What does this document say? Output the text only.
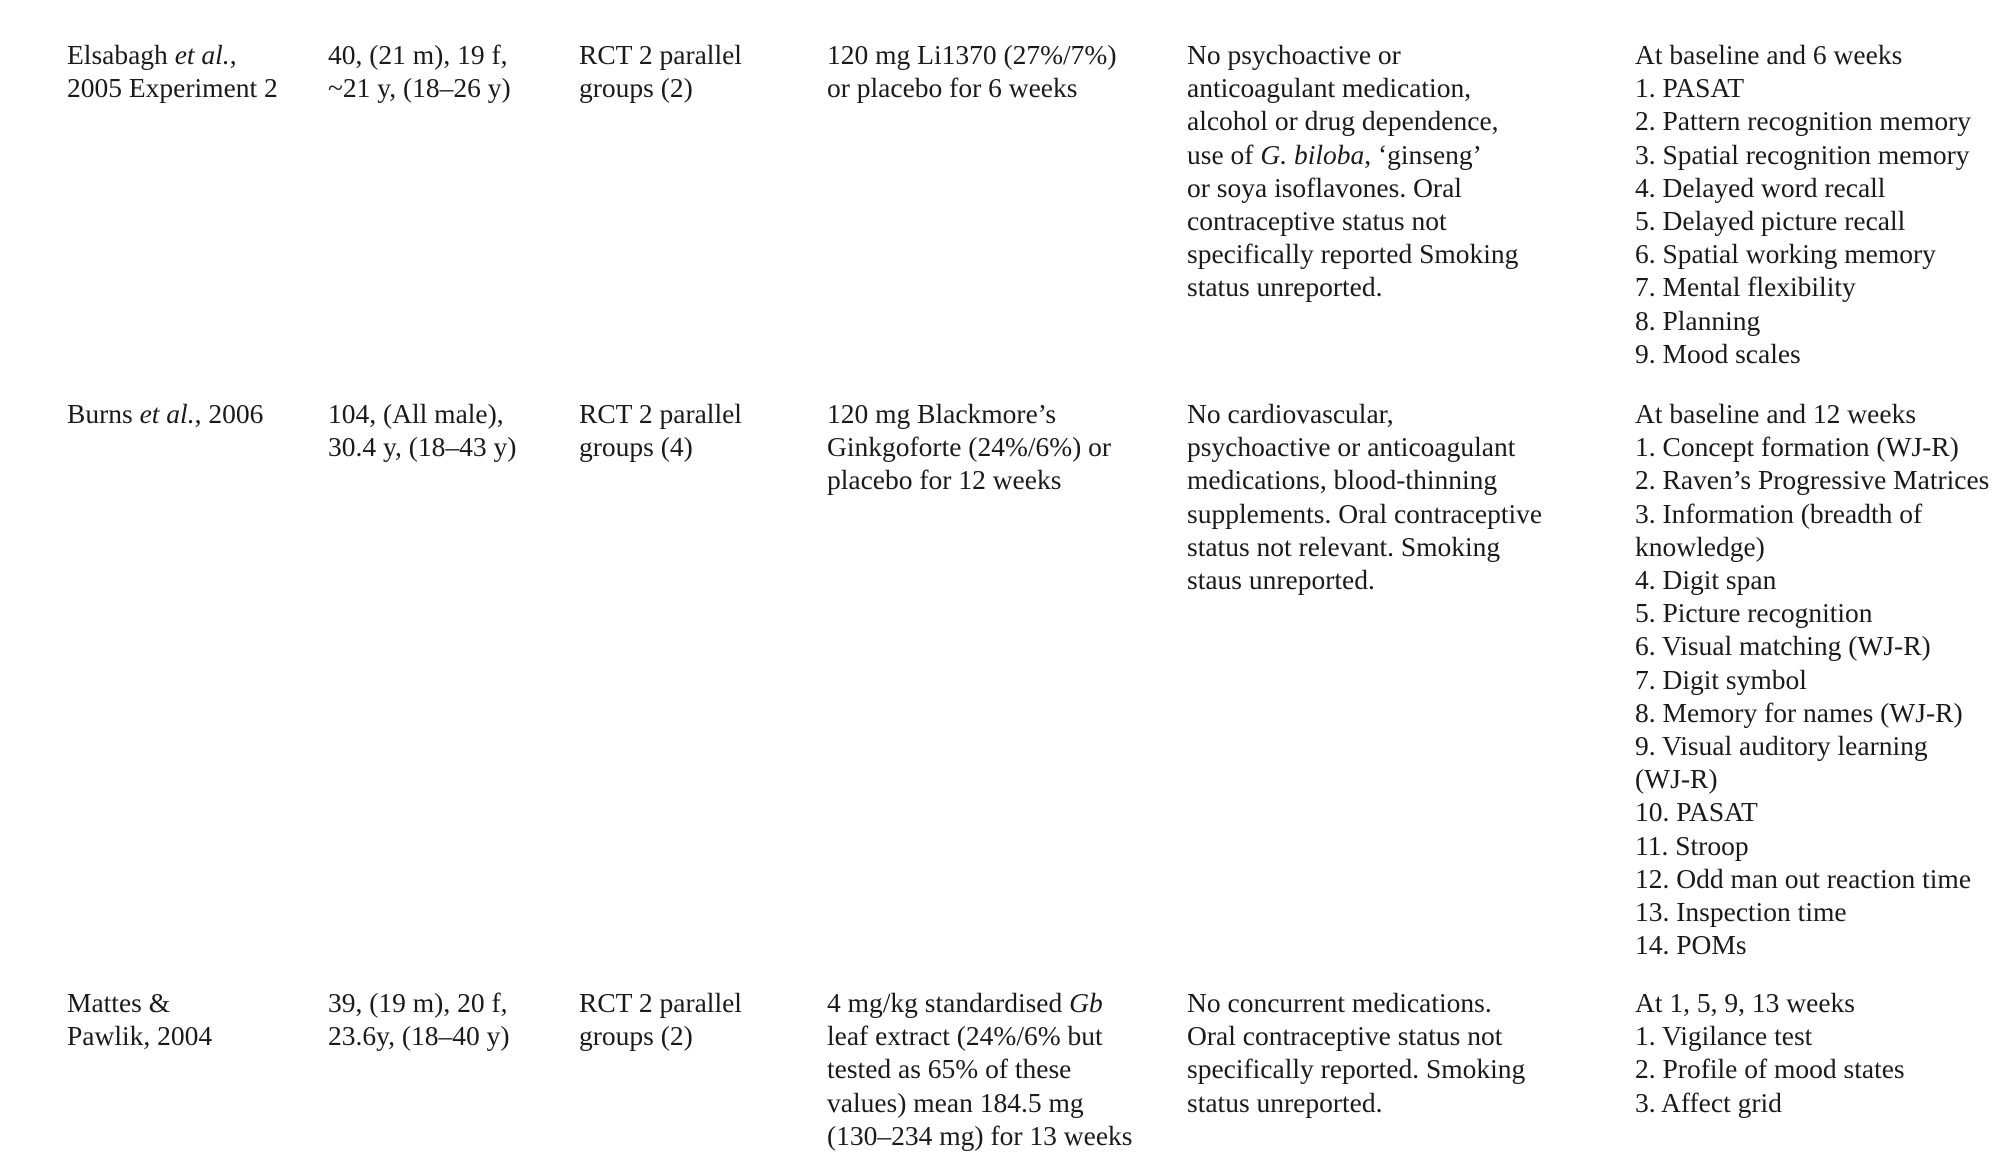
Elsabagh et al.,
2005 Experiment 2
40, (21 m), 19 f,
~21 y, (18–26 y)
RCT 2 parallel
groups (2)
120 mg Li1370 (27%/7%)
or placebo for 6 weeks
No psychoactive or
anticoagulant medication,
alcohol or drug dependence,
use of G. biloba, ‘ginseng’
or soya isoflavones. Oral
contraceptive status not
specifically reported Smoking
status unreported.
At baseline and 6 weeks
1. PASAT
2. Pattern recognition memory
3. Spatial recognition memory
4. Delayed word recall
5. Delayed picture recall
6. Spatial working memory
7. Mental flexibility
8. Planning
9. Mood scales
Burns et al., 2006 104, (All male),
30.4 y, (18–43 y)
RCT 2 parallel
groups (4)
120 mg Blackmore’s
Ginkgoforte (24%/6%) or
placebo for 12 weeks
No cardiovascular,
psychoactive or anticoagulant
medications, blood-thinning
supplements. Oral contraceptive
status not relevant. Smoking
staus unreported.
At baseline and 12 weeks
1. Concept formation (WJ-R)
2. Raven’s Progressive Matrices
3. Information (breadth of
knowledge)
4. Digit span
5. Picture recognition
6. Visual matching (WJ-R)
7. Digit symbol
8. Memory for names (WJ-R)
9. Visual auditory learning
(WJ-R)
10. PASAT
11. Stroop
12. Odd man out reaction time
13. Inspection time
14. POMs
Mattes &
Pawlik, 2004
39, (19 m), 20 f,
23.6y, (18–40 y)
RCT 2 parallel
groups (2)
4 mg/kg standardised Gb
leaf extract (24%/6% but
tested as 65% of these
values) mean 184.5 mg
(130–234 mg) for 13 weeks
No concurrent medications.
Oral contraceptive status not
specifically reported. Smoking
status unreported.
At 1, 5, 9, 13 weeks
1. Vigilance test
2. Profile of mood states
3. Affect grid
